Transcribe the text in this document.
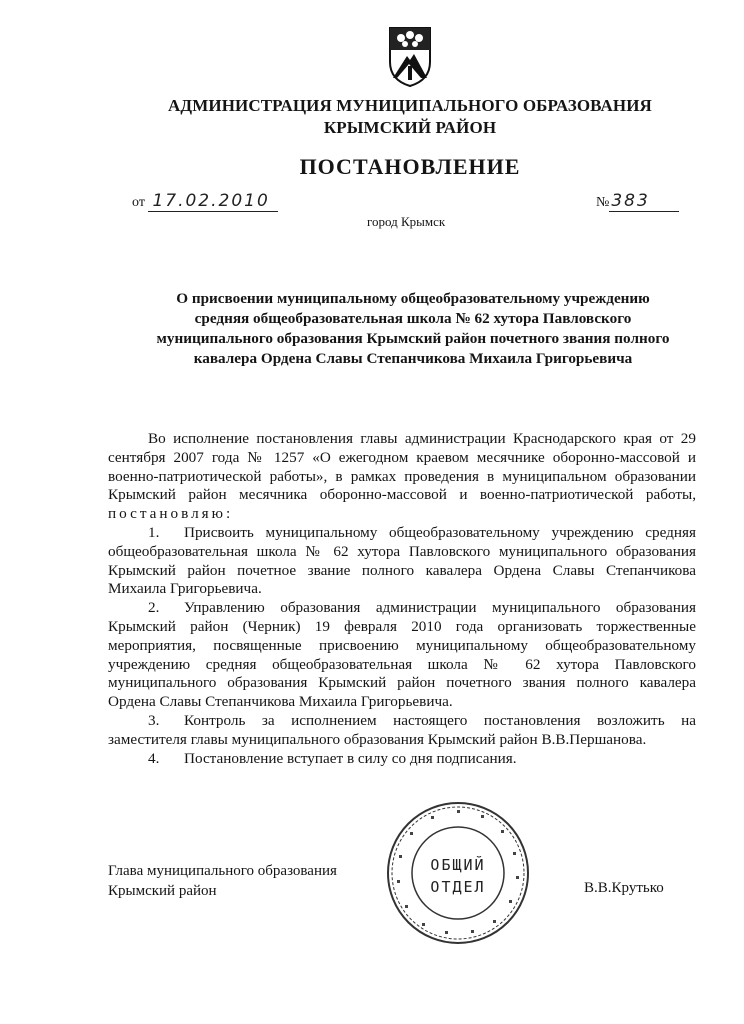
АДМИНИСТРАЦИЯ МУНИЦИПАЛЬНОГО ОБРАЗОВАНИЯ
КРЫМСКИЙ РАЙОН
ПОСТАНОВЛЕНИЕ
от 17.02.2010	№ 383
город Крымск
О присвоении муниципальному общеобразовательному учреждению
средняя общеобразовательная школа № 62 хутора Павловского
муниципального образования Крымский район почетного звания полного
кавалера Ордена Славы Степанчикова Михаила Григорьевича

Во исполнение постановления главы администрации Краснодарского края от 29 сентября 2007 года № 1257 «О ежегодном краевом месячнике оборонно-массовой и военно-патриотической работы», в рамках проведения в муниципальном образовании Крымский район месячника оборонно-массовой и военно-патриотической работы, постановляю:

1. Присвоить муниципальному общеобразовательному учреждению средняя общеобразовательная школа № 62 хутора Павловского муниципального образования Крымский район почетное звание полного кавалера Ордена Славы Степанчикова Михаила Григорьевича.

2. Управлению образования администрации муниципального образования Крымский район (Черник) 19 февраля 2010 года организовать торжественные мероприятия, посвященные присвоению муниципальному общеобразовательному учреждению средняя общеобразовательная школа № 62 хутора Павловского муниципального образования Крымский район почетного звания полного кавалера Ордена Славы Степанчикова Михаила Григорьевича.

3. Контроль за исполнением настоящего постановления возложить на заместителя главы муниципального образования Крымский район В.В.Першанова.

4. Постановление вступает в силу со дня подписания.

Глава муниципального образования
Крымский район	В.В.Крутько
ОБЩИЙ
ОТДЕЛ
